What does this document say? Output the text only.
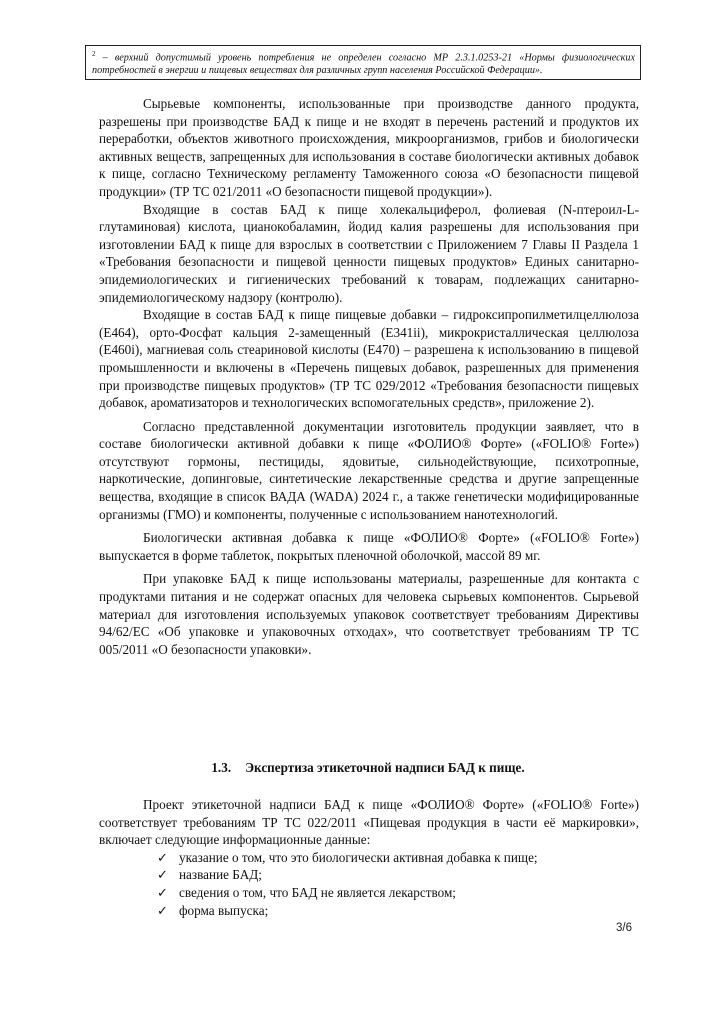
$^2$ – верхний допустимый уровень потребления не определен согласно МР 2.3.1.0253-21 «Нормы физиологических потребностей в энергии и пищевых веществах для различных групп населения Российской Федерации».

Сырьевые компоненты, использованные при производстве данного продукта, разрешены при производстве БАД к пище и не входят в перечень растений и продуктов их переработки, объектов животного происхождения, микроорганизмов, грибов и биологически активных веществ, запрещенных для использования в составе биологически активных добавок к пище, согласно Техническому регламенту Таможенного союза «О безопасности пищевой продукции» (ТР ТС 021/2011 «О безопасности пищевой продукции»).

Входящие в состав БАД к пище холекальциферол, фолиевая (N-птероил-L-глутаминовая) кислота, цианокобаламин, йодид калия разрешены для использования при изготовлении БАД к пище для взрослых в соответствии с Приложением 7 Главы II Раздела 1 «Требования безопасности и пищевой ценности пищевых продуктов» Единых санитарно-эпидемиологических и гигиенических требований к товарам, подлежащих санитарно-эпидемиологическому надзору (контролю).

Входящие в состав БАД к пище пищевые добавки – гидроксипропилметилцеллюлоза (Е464), орто-Фосфат кальция 2-замещенный (Е341ii), микрокристаллическая целлюлоза (Е460i), магниевая соль стеариновой кислоты (Е470) – разрешена к использованию в пищевой промышленности и включены в «Перечень пищевых добавок, разрешенных для применения при производстве пищевых продуктов» (ТР ТС 029/2012 «Требования безопасности пищевых добавок, ароматизаторов и технологических вспомогательных средств», приложение 2).

Согласно представленной документации изготовитель продукции заявляет, что в составе биологически активной добавки к пище «ФОЛИО® Форте» («FOLIO® Forte») отсутствуют гормоны, пестициды, ядовитые, сильнодействующие, психотропные, наркотические, допинговые, синтетические лекарственные средства и другие запрещенные вещества, входящие в список ВАДА (WADA) 2024 г., а также генетически модифицированные организмы (ГМО) и компоненты, полученные с использованием нанотехнологий.

Биологически активная добавка к пище «ФОЛИО® Форте» («FOLIO® Forte») выпускается в форме таблеток, покрытых пленочной оболочкой, массой 89 мг.

При упаковке БАД к пище использованы материалы, разрешенные для контакта с продуктами питания и не содержат опасных для человека сырьевых компонентов. Сырьевой материал для изготовления используемых упаковок соответствует требованиям Директивы 94/62/ЕС «Об упаковке и упаковочных отходах», что соответствует требованиям ТР ТС 005/2011 «О безопасности упаковки».

1.3. Экспертиза этикеточной надписи БАД к пище.

Проект этикеточной надписи БАД к пище «ФОЛИО® Форте» («FOLIO® Forte») соответствует требованиям ТР ТС 022/2011 «Пищевая продукция в части её маркировки», включает следующие информационные данные:

✓ указание о том, что это биологически активная добавка к пище;
✓ название БАД;
✓ сведения о том, что БАД не является лекарством;
✓ форма выпуска;
3/6
